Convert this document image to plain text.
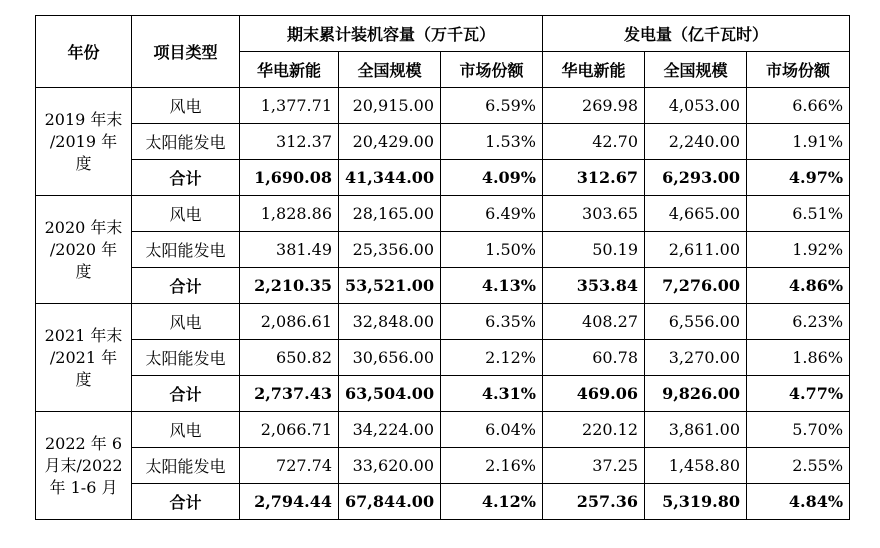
年份	项目类型	期末累计装机容量（万千瓦）			发电量（亿千瓦时）		
		华电新能	全国规模	市场份额	华电新能	全国规模	市场份额

2019 年末
/2019 年度	风电	1,377.71	20,915.00	6.59%	269.98	4,053.00	6.66%
	太阳能发电	312.37	20,429.00	1.53%	42.70	2,240.00	1.91%
	合计	1,690.08	41,344.00	4.09%	312.67	6,293.00	4.97%

2020 年末
/2020 年度	风电	1,828.86	28,165.00	6.49%	303.65	4,665.00	6.51%
	太阳能发电	381.49	25,356.00	1.50%	50.19	2,611.00	1.92%
	合计	2,210.35	53,521.00	4.13%	353.84	7,276.00	4.86%

2021 年末
/2021 年度	风电	2,086.61	32,848.00	6.35%	408.27	6,556.00	6.23%
	太阳能发电	650.82	30,656.00	2.12%	60.78	3,270.00	1.86%
	合计	2,737.43	63,504.00	4.31%	469.06	9,826.00	4.77%

2022 年 6
月末/2022
年 1-6 月	风电	2,066.71	34,224.00	6.04%	220.12	3,861.00	5.70%
	太阳能发电	727.74	33,620.00	2.16%	37.25	1,458.80	2.55%
	合计	2,794.44	67,844.00	4.12%	257.36	5,319.80	4.84%
